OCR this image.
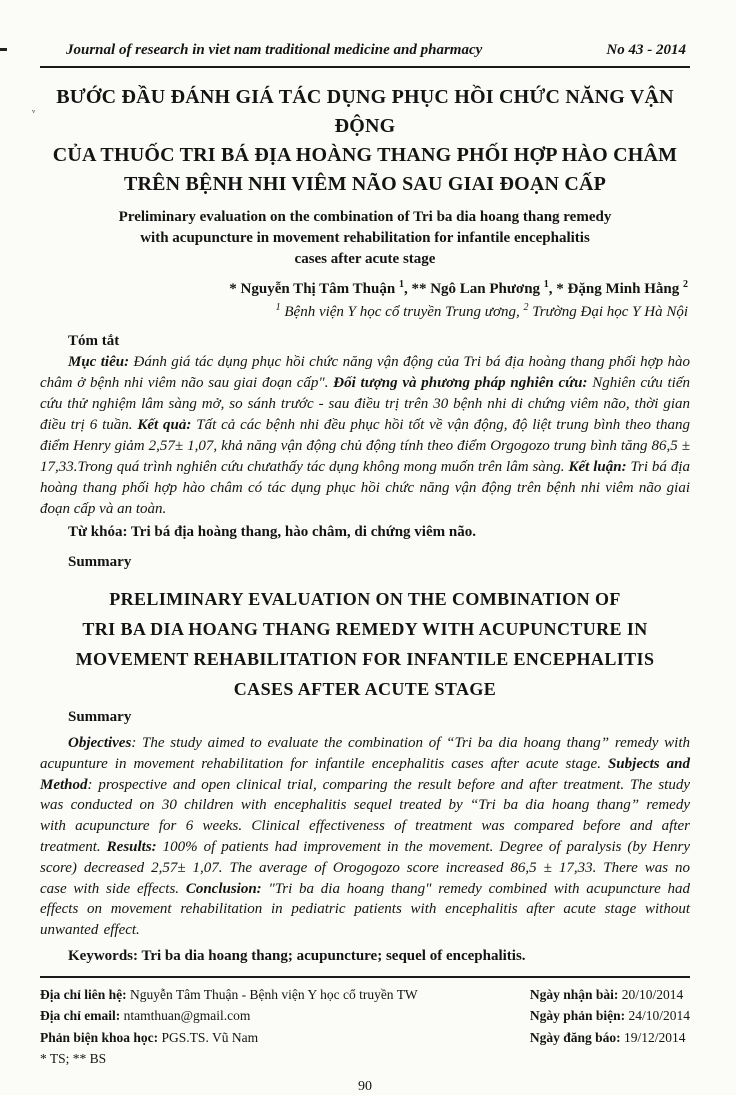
Journal of research in viet nam traditional medicine and pharmacy	No 43 - 2014
ᵥ
BƯỚC ĐẦU ĐÁNH GIÁ TÁC DỤNG PHỤC HỒI CHỨC NĂNG VẬN ĐỘNG
CỦA THUỐC TRI BÁ ĐỊA HOÀNG THANG PHỐI HỢP HÀO CHÂM
TRÊN BỆNH NHI VIÊM NÃO SAU GIAI ĐOẠN CẤP
Preliminary evaluation on the combination of Tri ba dia hoang thang remedy
with acupuncture in movement rehabilitation for infantile encephalitis
cases after acute stage
* Nguyễn Thị Tâm Thuận $^1$, ** Ngô Lan Phương $^1$, * Đặng Minh Hằng $^2$
$^1$ Bệnh viện Y học cổ truyền Trung ương, $^2$ Trường Đại học Y Hà Nội
Tóm tắt

Mục tiêu: Đánh giá tác dụng phục hồi chức năng vận động của Tri bá địa hoàng thang phối hợp hào châm ở bệnh nhi viêm não sau giai đoạn cấp". Đối tượng và phương pháp nghiên cứu: Nghiên cứu tiến cứu thử nghiệm lâm sàng mở, so sánh trước - sau điều trị trên 30 bệnh nhi di chứng viêm não, thời gian điều trị 6 tuần. Kết quả: Tất cả các bệnh nhi đều phục hồi tốt về vận động, độ liệt trung bình theo thang điểm Henry giảm 2,57± 1,07, khả năng vận động chủ động tính theo điểm Orgogozo trung bình tăng 86,5 ± 17,33.Trong quá trình nghiên cứu chưathấy tác dụng không mong muốn trên lâm sàng. Kết luận: Tri bá địa hoàng thang phối hợp hào châm có tác dụng phục hồi chức năng vận động trên bệnh nhi viêm não giai đoạn cấp và an toàn.

Từ khóa: Tri bá địa hoàng thang, hào châm, di chứng viêm não.
Summary
PRELIMINARY EVALUATION ON THE COMBINATION OF
TRI BA DIA HOANG THANG REMEDY WITH ACUPUNCTURE IN
MOVEMENT REHABILITATION FOR INFANTILE ENCEPHALITIS
CASES AFTER ACUTE STAGE
Summary

Objectives: The study aimed to evaluate the combination of “Tri ba dia hoang thang” remedy with acupunture in movement rehabilitation for infantile encephalitis cases after acute stage. Subjects and Method: prospective and open clinical trial, comparing the result before and after treatment. The study was conducted on 30 children with encephalitis sequel treated by “Tri ba dia hoang thang” remedy with acupuncture for 6 weeks. Clinical effectiveness of treatment was compared before and after treatment. Results: 100% of patients had improvement in the movement. Degree of paralysis (by Henry score) decreased 2,57± 1,07. The average of Orogogozo score increased 86,5 ± 17,33. There was no case with side effects. Conclusion: "Tri ba dia hoang thang" remedy combined with acupuncture had effects on movement rehabilitation in pediatric patients with encephalitis after acute stage without unwanted effect.

Keywords: Tri ba dia hoang thang; acupuncture; sequel of encephalitis.
Địa chỉ liên hệ: Nguyễn Tâm Thuận - Bệnh viện Y học cổ truyền TW
Địa chỉ email: ntamthuan@gmail.com
Phản biện khoa học: PGS.TS. Vũ Nam
* TS; ** BS
Ngày nhận bài: 20/10/2014
Ngày phản biện: 24/10/2014
Ngày đăng báo: 19/12/2014
90
